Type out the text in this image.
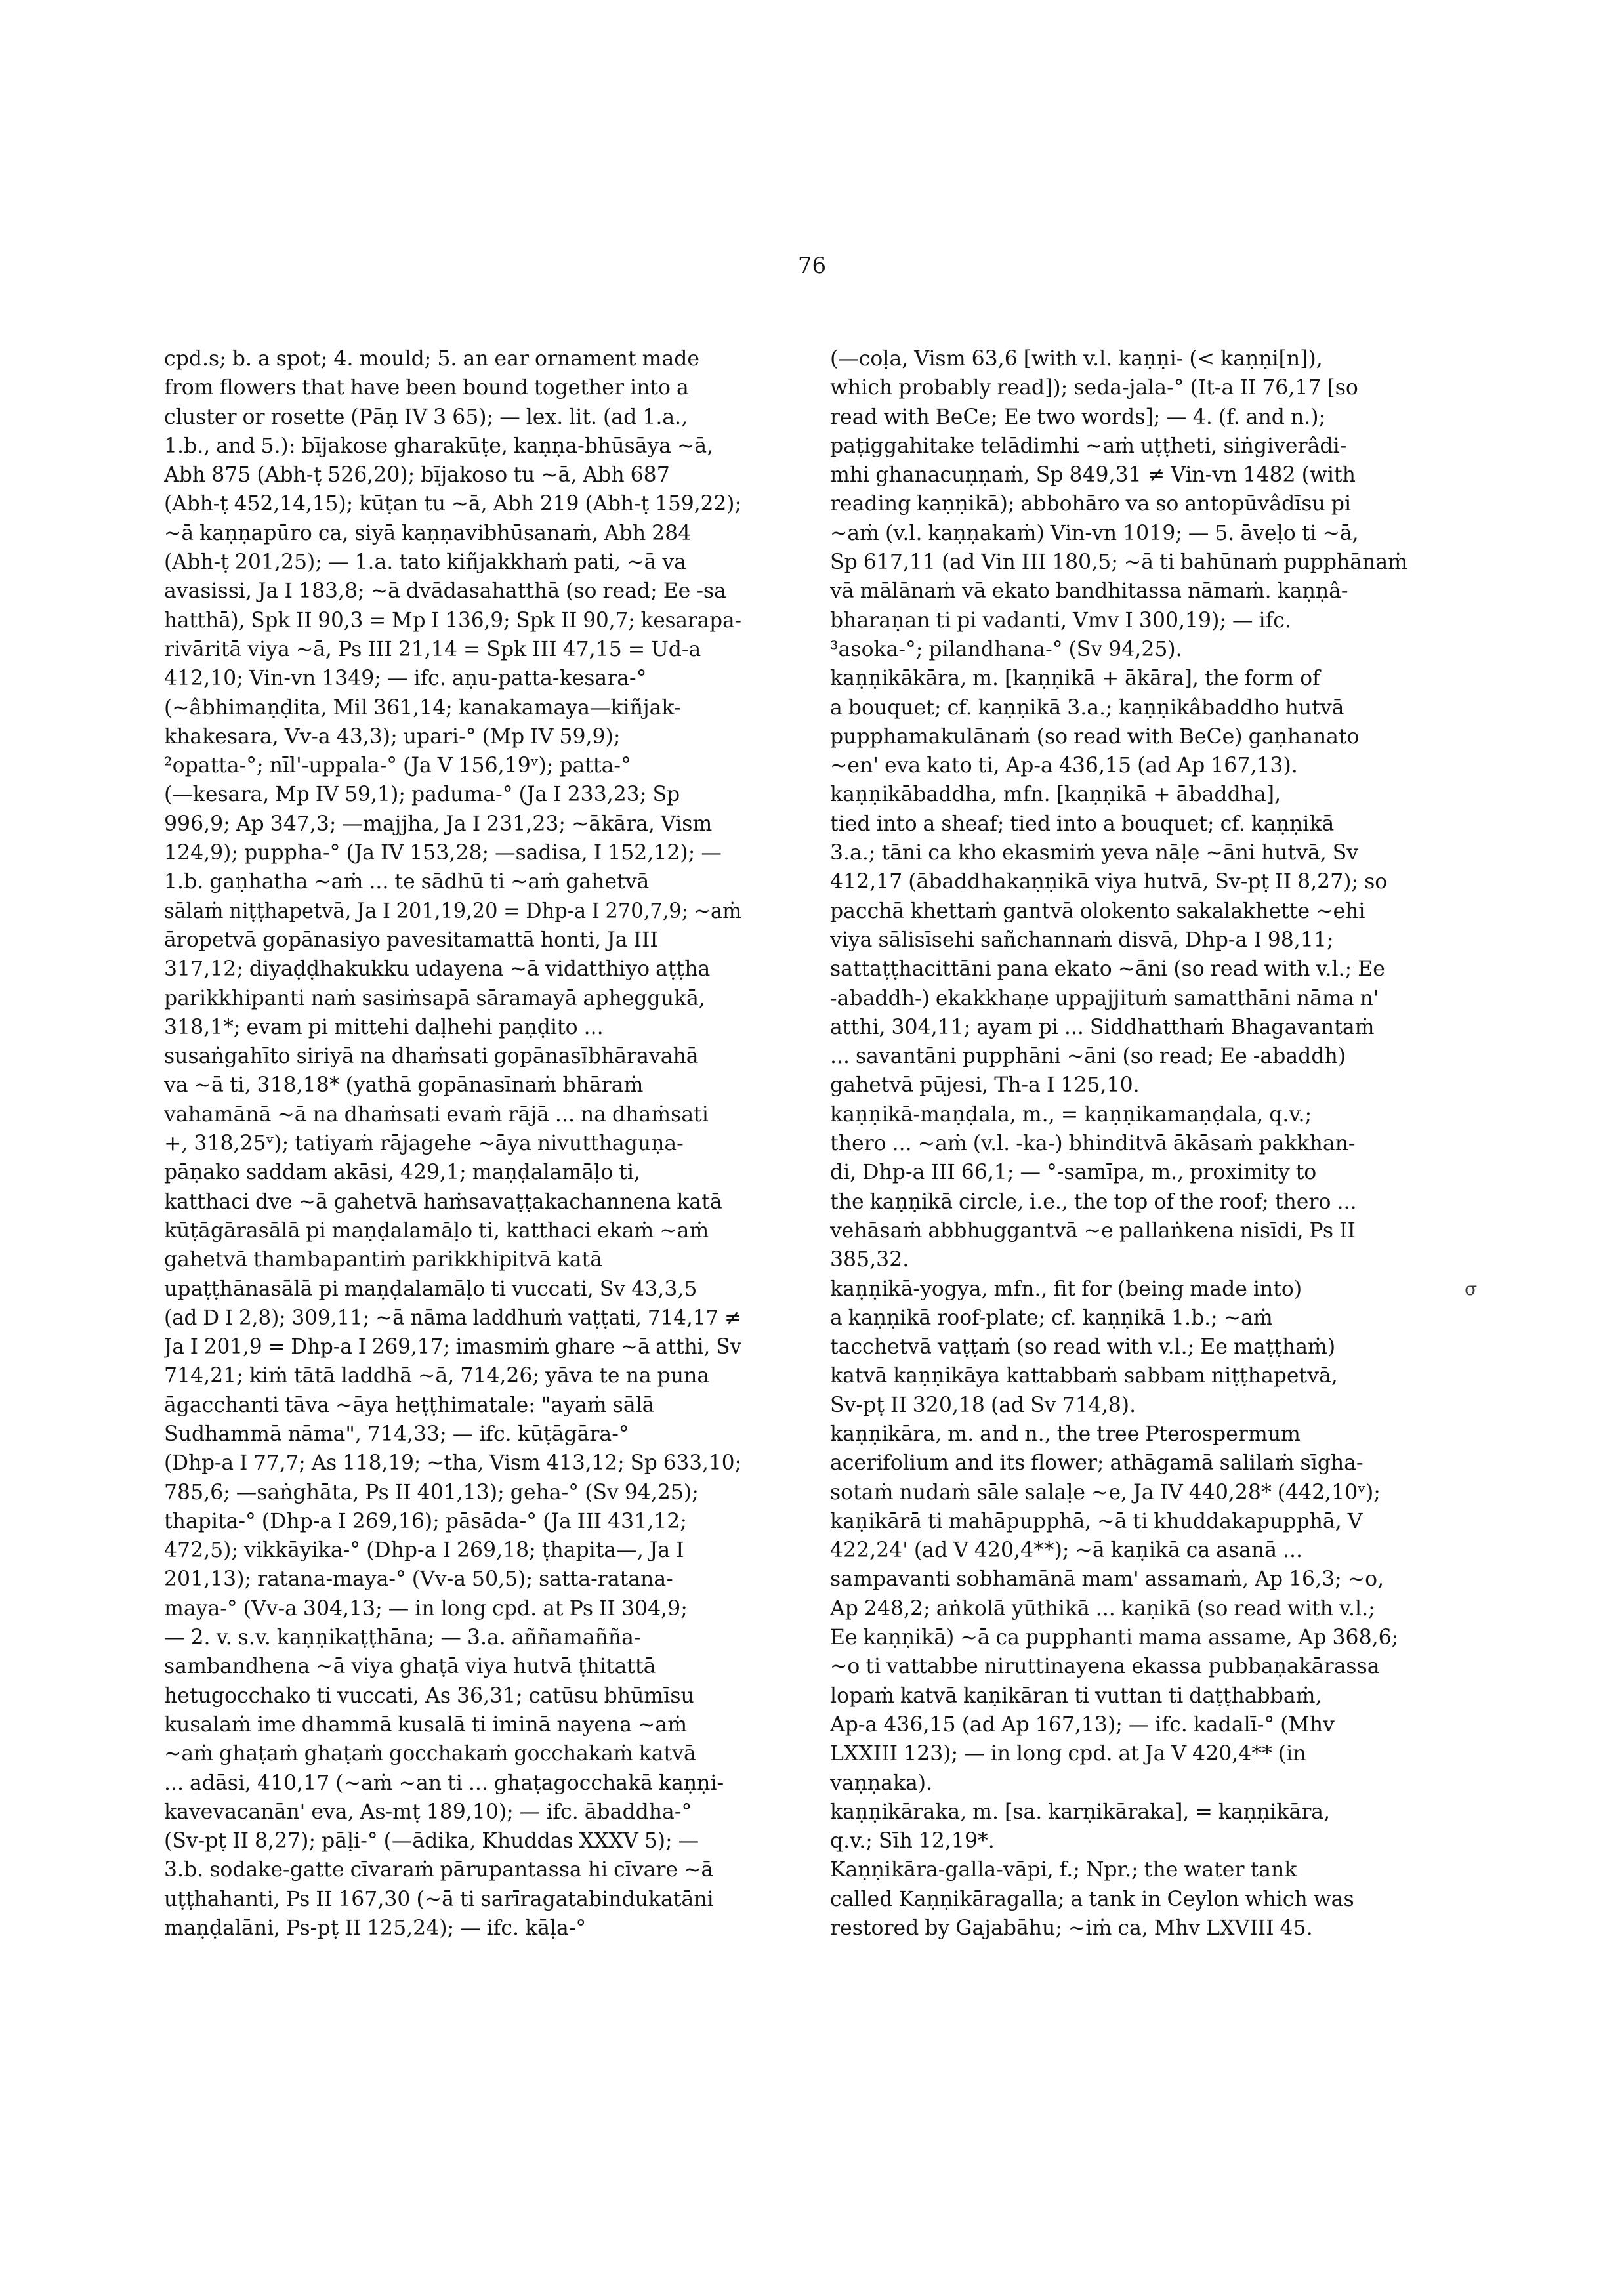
76
cpd.s; b. a spot; 4. mould; 5. an ear ornament made
from flowers that have been bound together into a
cluster or rosette (Pāṇ IV 3 65); — lex. lit. (ad 1.a.,
1.b., and 5.): bījakose gharakūṭe, kaṇṇa-bhūsāya ~ā,
Abh 875 (Abh-ṭ 526,20); bījakoso tu ~ā, Abh 687
(Abh-ṭ 452,14,15); kūṭan tu ~ā, Abh 219 (Abh-ṭ 159,22);
~ā kaṇṇapūro ca, siyā kaṇṇavibhūsanaṁ, Abh 284
(Abh-ṭ 201,25); — 1.a. tato kiñjakkhaṁ pati, ~ā va
avasissi, Ja I 183,8; ~ā dvādasahatthā (so read; Ee -sa
hatthā), Spk II 90,3 = Mp I 136,9; Spk II 90,7; kesarapa-
rivāritā viya ~ā, Ps III 21,14 = Spk III 47,15 = Ud-a
412,10; Vin-vn 1349; — ifc. aṇu-patta-kesara-°
(~âbhimaṇḍita, Mil 361,14; kanakamaya—kiñjak-
khakesara, Vv-a 43,3); upari-° (Mp IV 59,9);
²opatta-°; nīl'-uppala-° (Ja V 156,19ᵛ); patta-°
(—kesara, Mp IV 59,1); paduma-° (Ja I 233,23; Sp
996,9; Ap 347,3; —majjha, Ja I 231,23; ~ākāra, Vism
124,9); puppha-° (Ja IV 153,28; —sadisa, I 152,12); —
1.b. gaṇhatha ~aṁ ... te sādhū ti ~aṁ gahetvā
sālaṁ niṭṭhapetvā, Ja I 201,19,20 = Dhp-a I 270,7,9; ~aṁ
āropetvā gopānasiyo pavesitamattā honti, Ja III
317,12; diyaḍḍhakukku udayena ~ā vidatthiyo aṭṭha
parikkhipanti naṁ sasiṁsapā sāramayā apheggukā,
318,1*; evam pi mittehi daḷhehi paṇḍito ...
susaṅgahīto siriyā na dhaṁsati gopānasībhāravahā
va ~ā ti, 318,18* (yathā gopānasīnaṁ bhāraṁ
vahamānā ~ā na dhaṁsati evaṁ rājā ... na dhaṁsati
+, 318,25ᵛ); tatiyaṁ rājagehe ~āya nivutthaguṇa-
pāṇako saddam akāsi, 429,1; maṇḍalamāḷo ti,
katthaci dve ~ā gahetvā haṁsavaṭṭakachannena katā
kūṭāgārasālā pi maṇḍalamāḷo ti, katthaci ekaṁ ~aṁ
gahetvā thambapantiṁ parikkhipitvā katā
upaṭṭhānasālā pi maṇḍalamāḷo ti vuccati, Sv 43,3,5
(ad D I 2,8); 309,11; ~ā nāma laddhuṁ vaṭṭati, 714,17 ≠
Ja I 201,9 = Dhp-a I 269,17; imasmiṁ ghare ~ā atthi, Sv
714,21; kiṁ tātā laddhā ~ā, 714,26; yāva te na puna
āgacchanti tāva ~āya heṭṭhimatale: "ayaṁ sālā
Sudhammā nāma", 714,33; — ifc. kūṭāgāra-°
(Dhp-a I 77,7; As 118,19; ~tha, Vism 413,12; Sp 633,10;
785,6; —saṅghāta, Ps II 401,13); geha-° (Sv 94,25);
thapita-° (Dhp-a I 269,16); pāsāda-° (Ja III 431,12;
472,5); vikkāyika-° (Dhp-a I 269,18; ṭhapita—, Ja I
201,13); ratana-maya-° (Vv-a 50,5); satta-ratana-
maya-° (Vv-a 304,13; — in long cpd. at Ps II 304,9;
— 2. v. s.v. kaṇṇikaṭṭhāna; — 3.a. aññamañña-
sambandhena ~ā viya ghaṭā viya hutvā ṭhitattā
hetugocchako ti vuccati, As 36,31; catūsu bhūmīsu
kusalaṁ ime dhammā kusalā ti iminā nayena ~aṁ
~aṁ ghaṭaṁ ghaṭaṁ gocchakaṁ gocchakaṁ katvā
... adāsi, 410,17 (~aṁ ~an ti ... ghaṭagocchakā kaṇṇi-
kavevacanān' eva, As-mṭ 189,10); — ifc. ābaddha-°
(Sv-pṭ II 8,27); pāḷi-° (—ādika, Khuddas XXXV 5); —
3.b. sodake-gatte cīvaraṁ pārupantassa hi cīvare ~ā
uṭṭhahanti, Ps II 167,30 (~ā ti sarīragatabindukatāni
maṇḍalāni, Ps-pṭ II 125,24); — ifc. kāḷa-°
(—coḷa, Vism 63,6 [with v.l. kaṇṇi- (< kaṇṇi[n]),
which probably read]); seda-jala-° (It-a II 76,17 [so
read with BeCe; Ee two words]; — 4. (f. and n.);
paṭiggahitake telādimhi ~aṁ uṭṭheti, siṅgiverâdi-
mhi ghanacuṇṇaṁ, Sp 849,31 ≠ Vin-vn 1482 (with
reading kaṇṇikā); abbohāro va so antopūvâdīsu pi
~aṁ (v.l. kaṇṇakaṁ) Vin-vn 1019; — 5. āveḷo ti ~ā,
Sp 617,11 (ad Vin III 180,5; ~ā ti bahūnaṁ pupphānaṁ
vā mālānaṁ vā ekato bandhitassa nāmaṁ. kaṇṇâ-
bharaṇan ti pi vadanti, Vmv I 300,19); — ifc.
³asoka-°; pilandhana-° (Sv 94,25).
kaṇṇikākāra, m. [kaṇṇikā + ākāra], the form of
a bouquet; cf. kaṇṇikā 3.a.; kaṇṇikâbaddho hutvā
pupphamakulānaṁ (so read with BeCe) gaṇhanato
~en' eva kato ti, Ap-a 436,15 (ad Ap 167,13).
kaṇṇikābaddha, mfn. [kaṇṇikā + ābaddha],
tied into a sheaf; tied into a bouquet; cf. kaṇṇikā
3.a.; tāni ca kho ekasmiṁ yeva nāḷe ~āni hutvā, Sv
412,17 (ābaddhakaṇṇikā viya hutvā, Sv-pṭ II 8,27); so
pacchā khettaṁ gantvā olokento sakalakhette ~ehi
viya sālisīsehi sañchannaṁ disvā, Dhp-a I 98,11;
sattaṭṭhacittāni pana ekato ~āni (so read with v.l.; Ee
-abaddh-) ekakkhaṇe uppajjituṁ samatthāni nāma n'
atthi, 304,11; ayam pi ... Siddhatthaṁ Bhagavantaṁ
... savantāni pupphāni ~āni (so read; Ee -abaddh)
gahetvā pūjesi, Th-a I 125,10.
kaṇṇikā-maṇḍala, m., = kaṇṇikamaṇḍala, q.v.;
thero ... ~aṁ (v.l. -ka-) bhinditvā ākāsaṁ pakkhan-
di, Dhp-a III 66,1; — °-samīpa, m., proximity to
the kaṇṇikā circle, i.e., the top of the roof; thero ...
vehāsaṁ abbhuggantvā ~e pallaṅkena nisīdi, Ps II
385,32.
kaṇṇikā-yogya, mfn., fit for (being made into)
a kaṇṇikā roof-plate; cf. kaṇṇikā 1.b.; ~aṁ
tacchetvā vaṭṭaṁ (so read with v.l.; Ee maṭṭhaṁ)
katvā kaṇṇikāya kattabbaṁ sabbam niṭṭhapetvā,
Sv-pṭ II 320,18 (ad Sv 714,8).
kaṇṇikāra, m. and n., the tree Pterospermum
acerifolium and its flower; athāgamā salilaṁ sīgha-
sotaṁ nudaṁ sāle salaḷe ~e, Ja IV 440,28* (442,10ᵛ);
kaṇikārā ti mahāpupphā, ~ā ti khuddakapupphā, V
422,24' (ad V 420,4**); ~ā kaṇikā ca asanā ...
sampavanti sobhamānā mam' assamaṁ, Ap 16,3; ~o,
Ap 248,2; aṅkolā yūthikā ... kaṇikā (so read with v.l.;
Ee kaṇṇikā) ~ā ca pupphanti mama assame, Ap 368,6;
~o ti vattabbe niruttinayena ekassa pubbaṇakārassa
lopaṁ katvā kaṇikāran ti vuttan ti daṭṭhabbaṁ,
Ap-a 436,15 (ad Ap 167,13); — ifc. kadalī-° (Mhv
LXXIII 123); — in long cpd. at Ja V 420,4** (in
vaṇṇaka).
kaṇṇikāraka, m. [sa. karṇikāraka], = kaṇṇikāra,
q.v.; Sīh 12,19*.
Kaṇṇikāra-galla-vāpi, f.; Npr.; the water tank
called Kaṇṇikāragalla; a tank in Ceylon which was
restored by Gajabāhu; ~iṁ ca, Mhv LXVIII 45.
σ
